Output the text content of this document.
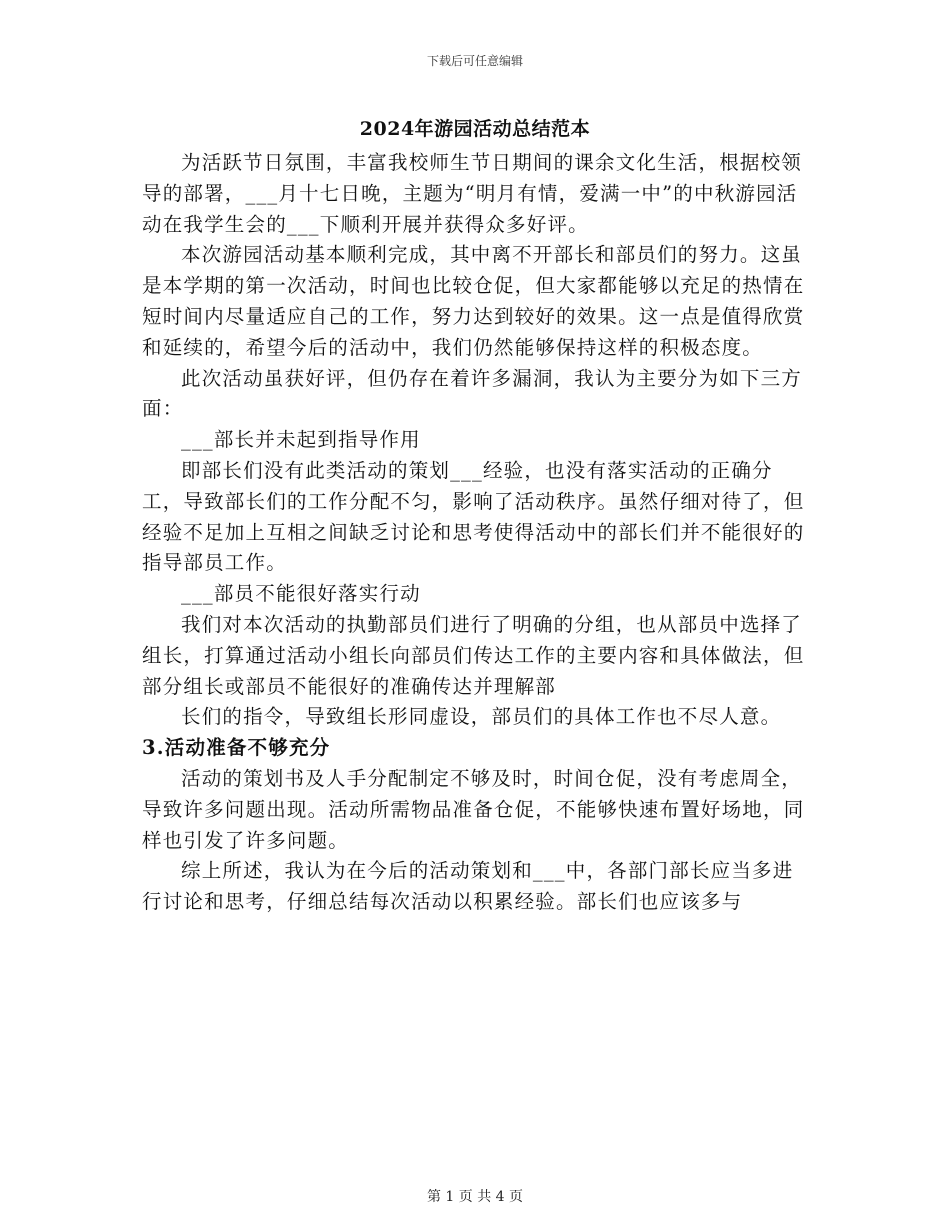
下载后可任意编辑
2024年游园活动总结范本

为活跃节日氛围，丰富我校师生节日期间的课余文化生活，根据校领导的部署，___月十七日晚，主题为“明月有情，爱满一中”的中秋游园活动在我学生会的___下顺利开展并获得众多好评。

本次游园活动基本顺利完成，其中离不开部长和部员们的努力。这虽是本学期的第一次活动，时间也比较仓促，但大家都能够以充足的热情在短时间内尽量适应自己的工作，努力达到较好的效果。这一点是值得欣赏和延续的，希望今后的活动中，我们仍然能够保持这样的积极态度。

此次活动虽获好评，但仍存在着许多漏洞，我认为主要分为如下三方面：

___部长并未起到指导作用

即部长们没有此类活动的策划___经验，也没有落实活动的正确分工，导致部长们的工作分配不匀，影响了活动秩序。虽然仔细对待了，但经验不足加上互相之间缺乏讨论和思考使得活动中的部长们并不能很好的指导部员工作。

___部员不能很好落实行动

我们对本次活动的执勤部员们进行了明确的分组，也从部员中选择了组长，打算通过活动小组长向部员们传达工作的主要内容和具体做法，但部分组长或部员不能很好的准确传达并理解部

长们的指令，导致组长形同虚设，部员们的具体工作也不尽人意。

3.活动准备不够充分

活动的策划书及人手分配制定不够及时，时间仓促，没有考虑周全，导致许多问题出现。活动所需物品准备仓促，不能够快速布置好场地，同样也引发了许多问题。

综上所述，我认为在今后的活动策划和___中，各部门部长应当多进行讨论和思考，仔细总结每次活动以积累经验。部长们也应该多与

第 1 页 共 4 页
